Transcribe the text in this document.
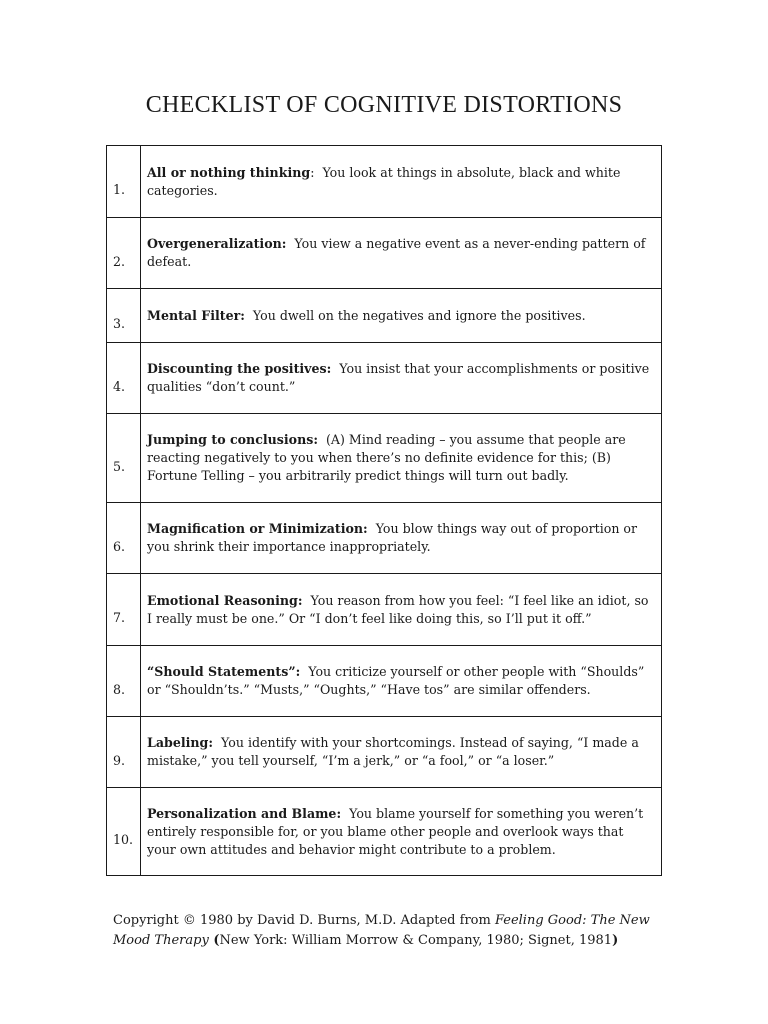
CHECKLIST OF COGNITIVE DISTORTIONS
1.	All or nothing thinking:  You look at things in absolute, black and white categories.

2.	Overgeneralization: You view a negative event as a never-ending pattern of defeat.

3.	Mental Filter: You dwell on the negatives and ignore the positives.

4.	Discounting the positives: You insist that your accomplishments or positive qualities “don’t count.”

5.	Jumping to conclusions: (A) Mind reading – you assume that people are reacting negatively to you when there’s no definite evidence for this; (B) Fortune Telling – you arbitrarily predict things will turn out badly.

6.	Magnification or Minimization: You blow things way out of proportion or you shrink their importance inappropriately.

7.	Emotional Reasoning: You reason from how you feel: “I feel like an idiot, so I really must be one.” Or “I don’t feel like doing this, so I’ll put it off.”

8.	“Should Statements”: You criticize yourself or other people with “Shoulds” or “Shouldn’ts.” “Musts,” “Oughts,” “Have tos” are similar offenders.

9.	Labeling: You identify with your shortcomings. Instead of saying, “I made a mistake,” you tell yourself, “I’m a jerk,” or “a fool,” or “a loser.”

10.	Personalization and Blame: You blame yourself for something you weren’t entirely responsible for, or you blame other people and overlook ways that your own attitudes and behavior might contribute to a problem.

Copyright © 1980 by David D. Burns, M.D. Adapted from Feeling Good: The New Mood Therapy (New York: William Morrow & Company, 1980; Signet, 1981)
